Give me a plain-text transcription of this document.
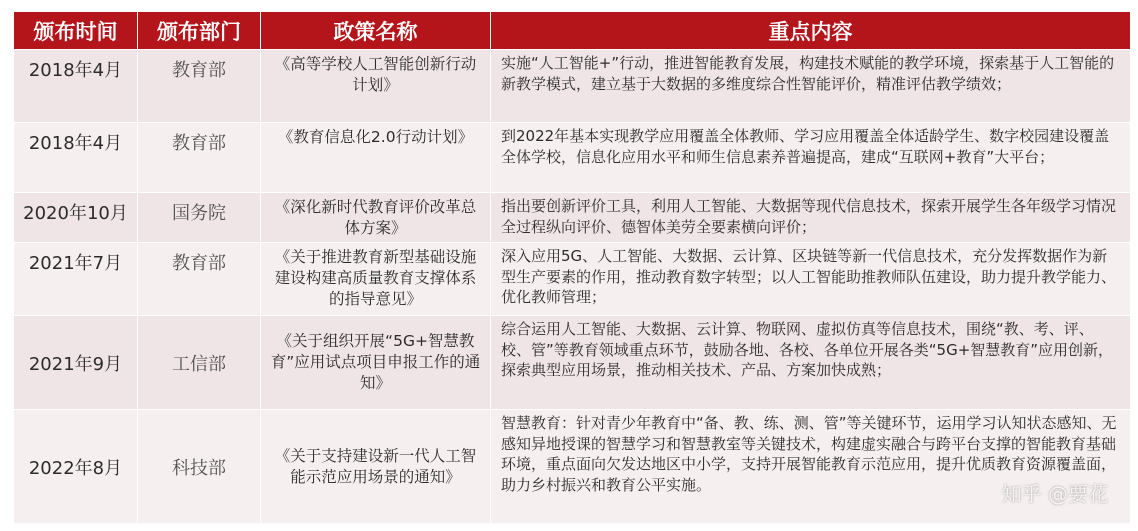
颁布时间	颁布部门	政策名称	重点内容
2018年4月	教育部	《高等学校人工智能创新行动计划》	实施“人工智能+”行动，推进智能教育发展，构建技术赋能的教学环境，探索基于人工智能的新教学模式，建立基于大数据的多维度综合性智能评价，精准评估教学绩效；
2018年4月	教育部	《教育信息化2.0行动计划》	到2022年基本实现教学应用覆盖全体教师、学习应用覆盖全体适龄学生、数字校园建设覆盖全体学校，信息化应用水平和师生信息素养普遍提高，建成“互联网+教育”大平台；
2020年10月	国务院	《深化新时代教育评价改革总体方案》	指出要创新评价工具，利用人工智能、大数据等现代信息技术，探索开展学生各年级学习情况全过程纵向评价、德智体美劳全要素横向评价；
2021年7月	教育部	《关于推进教育新型基础设施建设构建高质量教育支撑体系的指导意见》	深入应用5G、人工智能、大数据、云计算、区块链等新一代信息技术，充分发挥数据作为新型生产要素的作用，推动教育数字转型；以人工智能助推教师队伍建设，助力提升教学能力、优化教师管理；
2021年9月	工信部	《关于组织开展“5G+智慧教育”应用试点项目申报工作的通知》	综合运用人工智能、大数据、云计算、物联网、虚拟仿真等信息技术，围绕“教、考、评、校、管”等教育领域重点环节，鼓励各地、各校、各单位开展各类“5G+智慧教育”应用创新，探索典型应用场景，推动相关技术、产品、方案加快成熟；
2022年8月	科技部	《关于支持建设新一代人工智能示范应用场景的通知》	智慧教育：针对青少年教育中“备、教、练、测、管”等关键环节，运用学习认知状态感知、无感知异地授课的智慧学习和智慧教室等关键技术，构建虚实融合与跨平台支撑的智能教育基础环境，重点面向欠发达地区中小学，支持开展智能教育示范应用，提升优质教育资源覆盖面，助力乡村振兴和教育公平实施。	知乎 @要花
